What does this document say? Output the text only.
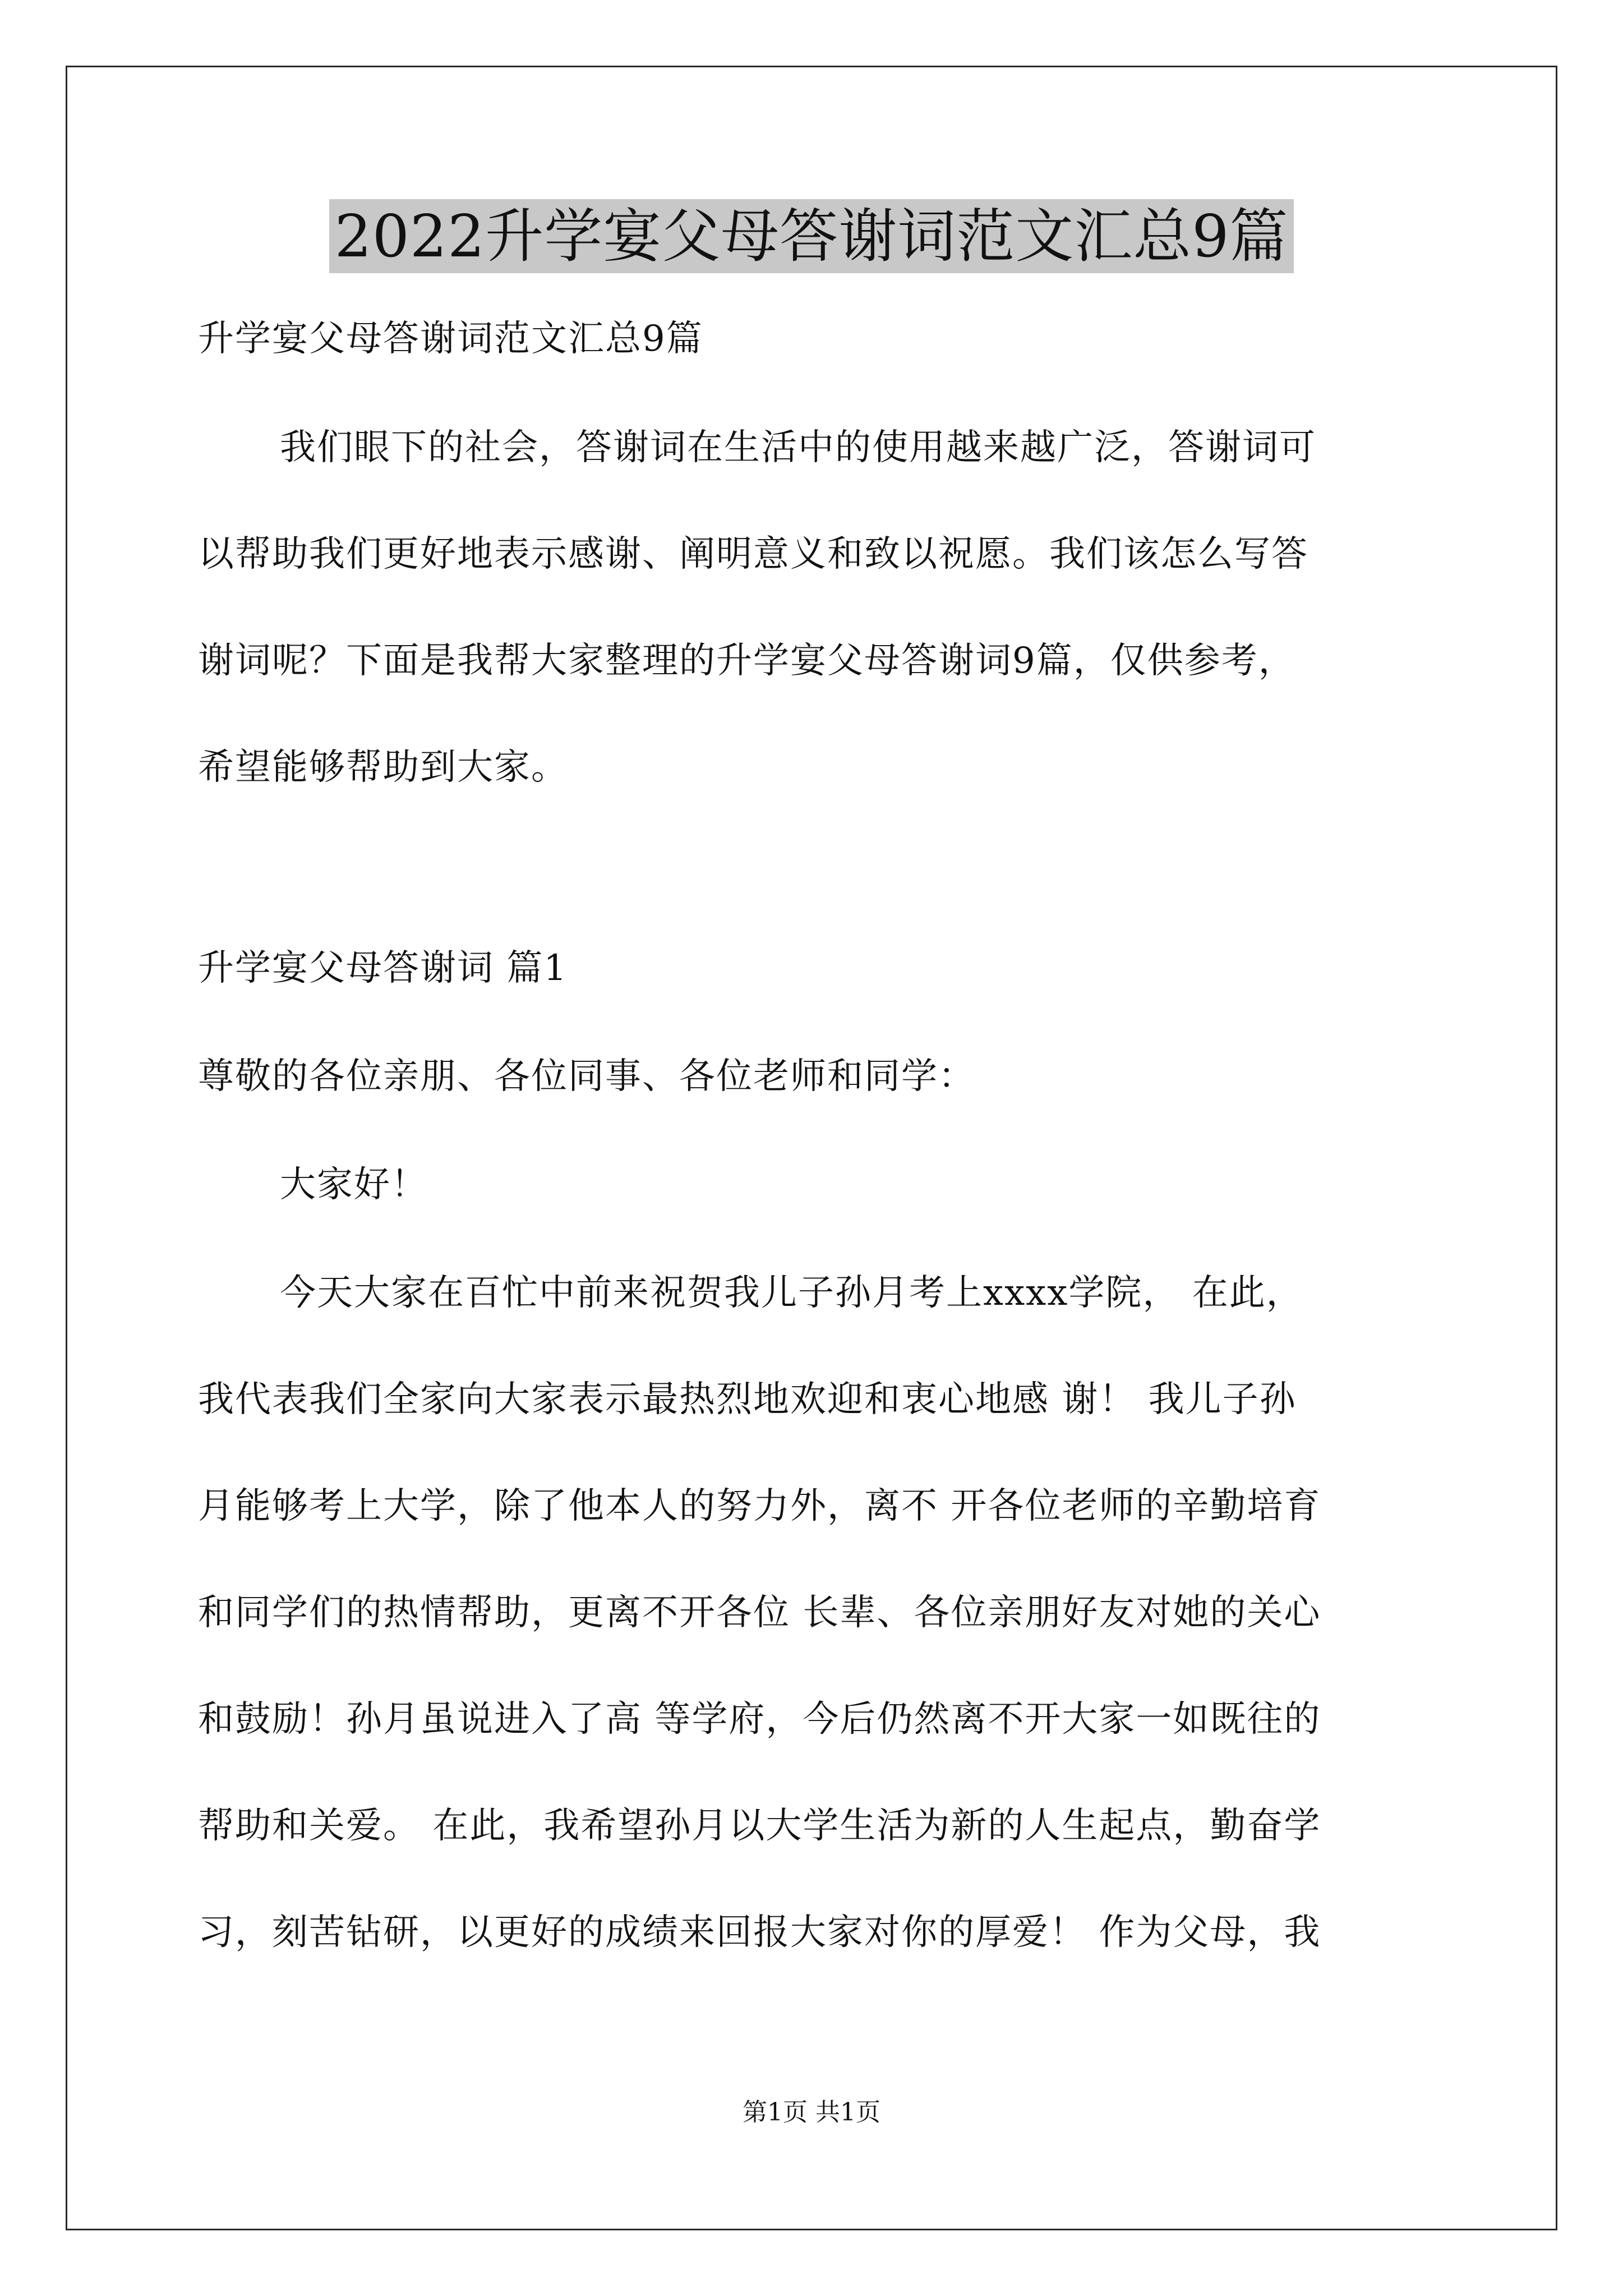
2022升学宴父母答谢词范文汇总9篇
升学宴父母答谢词范文汇总9篇
我们眼下的社会，答谢词在生活中的使用越来越广泛，答谢词可
以帮助我们更好地表示感谢、阐明意义和致以祝愿。我们该怎么写答
谢词呢？下面是我帮大家整理的升学宴父母答谢词9篇，仅供参考，
希望能够帮助到大家。
升学宴父母答谢词 篇1
尊敬的各位亲朋、各位同事、各位老师和同学：
大家好！
今天大家在百忙中前来祝贺我儿子孙月考上xxxx学院， 在此，
我代表我们全家向大家表示最热烈地欢迎和衷心地感 谢！ 我儿子孙
月能够考上大学，除了他本人的努力外，离不 开各位老师的辛勤培育
和同学们的热情帮助，更离不开各位 长辈、各位亲朋好友对她的关心
和鼓励！孙月虽说进入了高 等学府，今后仍然离不开大家一如既往的
帮助和关爱。 在此，我希望孙月以大学生活为新的人生起点，勤奋学
习，刻苦钻研，以更好的成绩来回报大家对你的厚爱！ 作为父母，我
第1页 共1页
